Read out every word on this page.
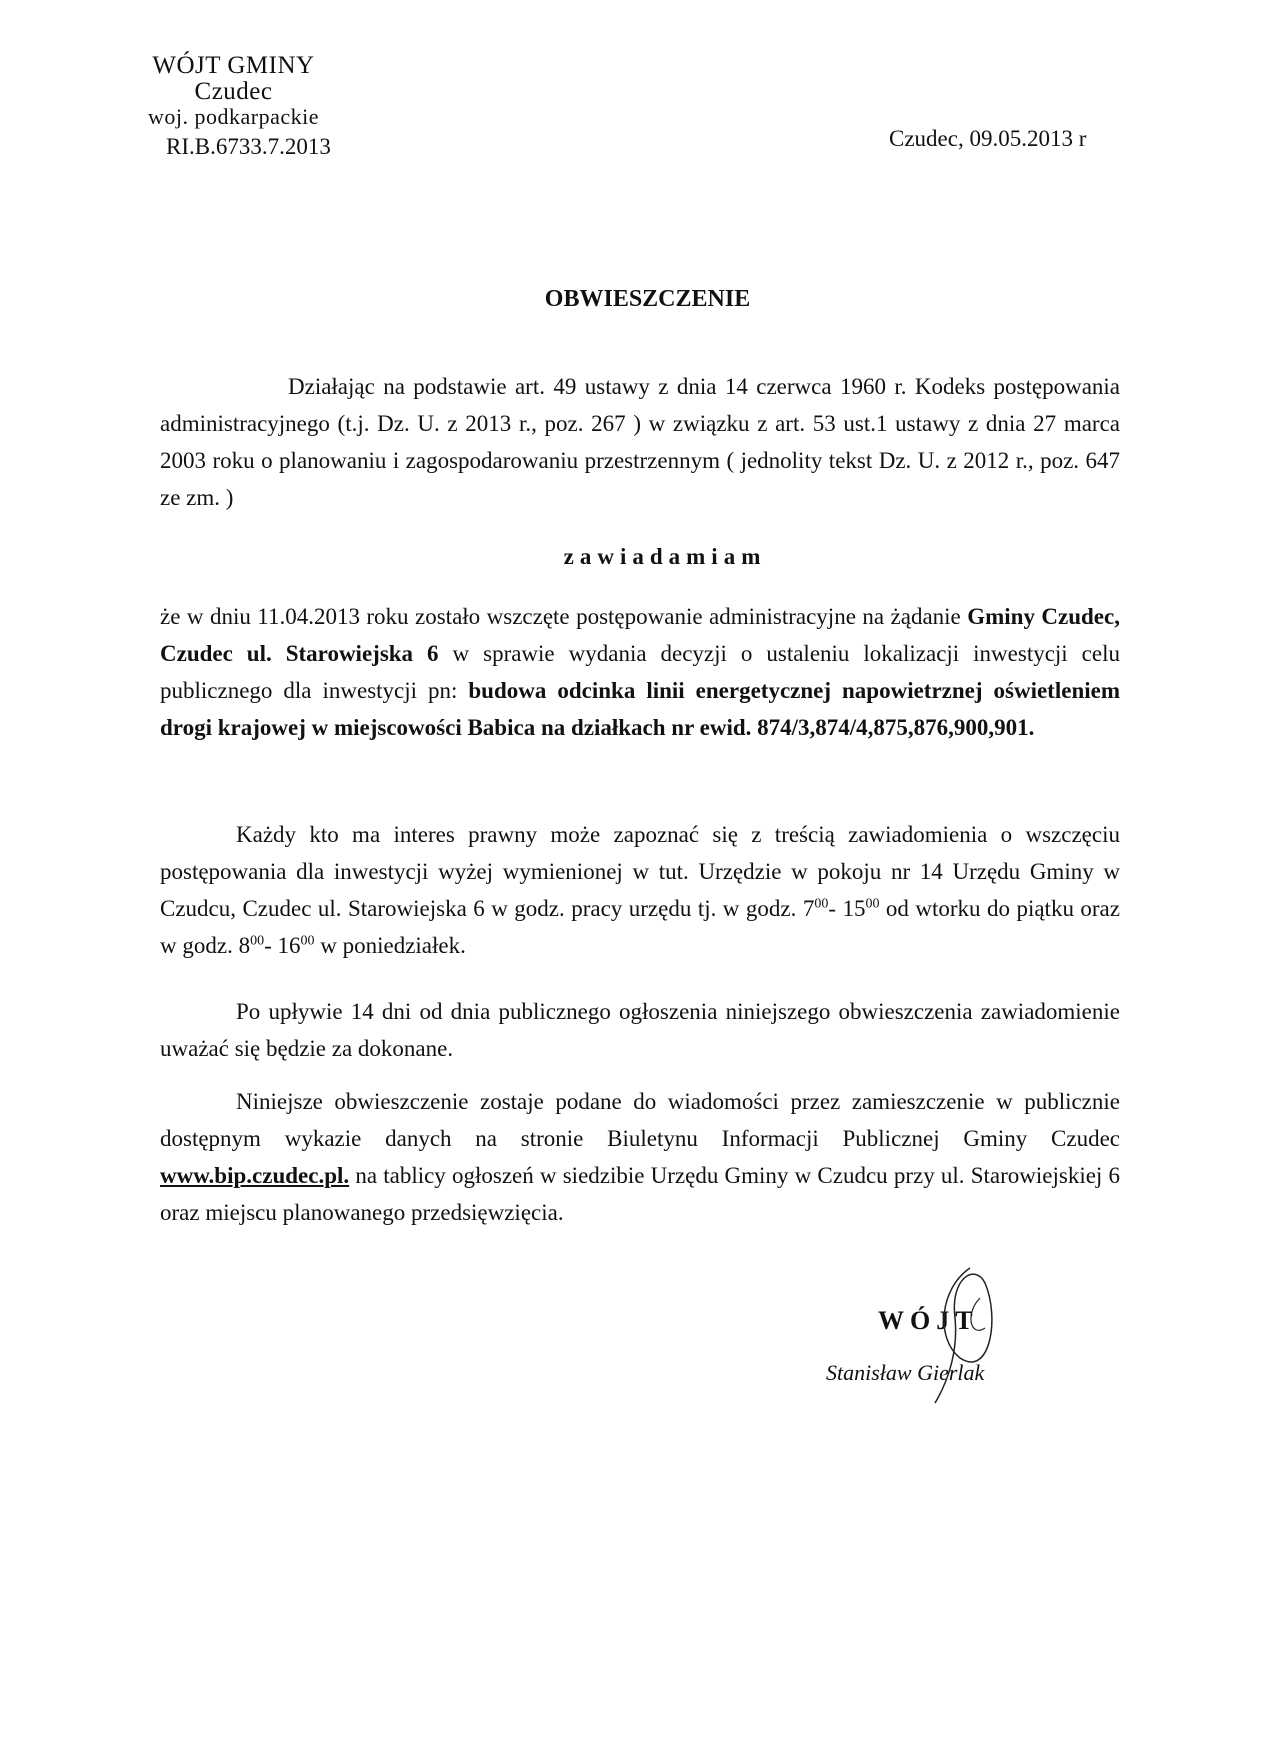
WÓJT GMINY
Czudec
woj. podkarpackie
RI.B.6733.7.2013	Czudec, 09.05.2013 r
OBWIESZCZENIE
Działając na podstawie art. 49 ustawy z dnia 14 czerwca 1960 r. Kodeks postępowania administracyjnego (t.j. Dz. U. z 2013 r., poz. 267 ) w związku z art. 53 ust.1 ustawy z dnia 27 marca 2003 roku o planowaniu i zagospodarowaniu przestrzennym ( jednolity tekst Dz. U. z 2012 r., poz. 647 ze zm. )
zawiadamiam
że w dniu 11.04.2013 roku zostało wszczęte postępowanie administracyjne na żądanie Gminy Czudec, Czudec ul. Starowiejska 6 w sprawie wydania decyzji o ustaleniu lokalizacji inwestycji celu publicznego dla inwestycji pn: budowa odcinka linii energetycznej napowietrznej oświetleniem drogi krajowej w miejscowości Babica na działkach nr ewid. 874/3,874/4,875,876,900,901.
Każdy kto ma interes prawny może zapoznać się z treścią zawiadomienia o wszczęciu postępowania dla inwestycji wyżej wymienionej w tut. Urzędzie w pokoju nr 14 Urzędu Gminy w Czudcu, Czudec ul. Starowiejska 6 w godz. pracy urzędu tj. w godz. $7^{00}-$ $15^{00}$ od wtorku do piątku oraz w godz. $8^{00}-$ $16^{00}$ w poniedziałek.
Po upływie 14 dni od dnia publicznego ogłoszenia niniejszego obwieszczenia zawiadomienie uważać się będzie za dokonane.
Niniejsze obwieszczenie zostaje podane do wiadomości przez zamieszczenie w publicznie dostępnym wykazie danych na stronie Biuletynu Informacji Publicznej Gminy Czudec www.bip.czudec.pl. na tablicy ogłoszeń w siedzibie Urzędu Gminy w Czudcu przy ul. Starowiejskiej 6 oraz miejscu planowanego przedsięwzięcia.
WÓJT
Stanisław Gierlak
